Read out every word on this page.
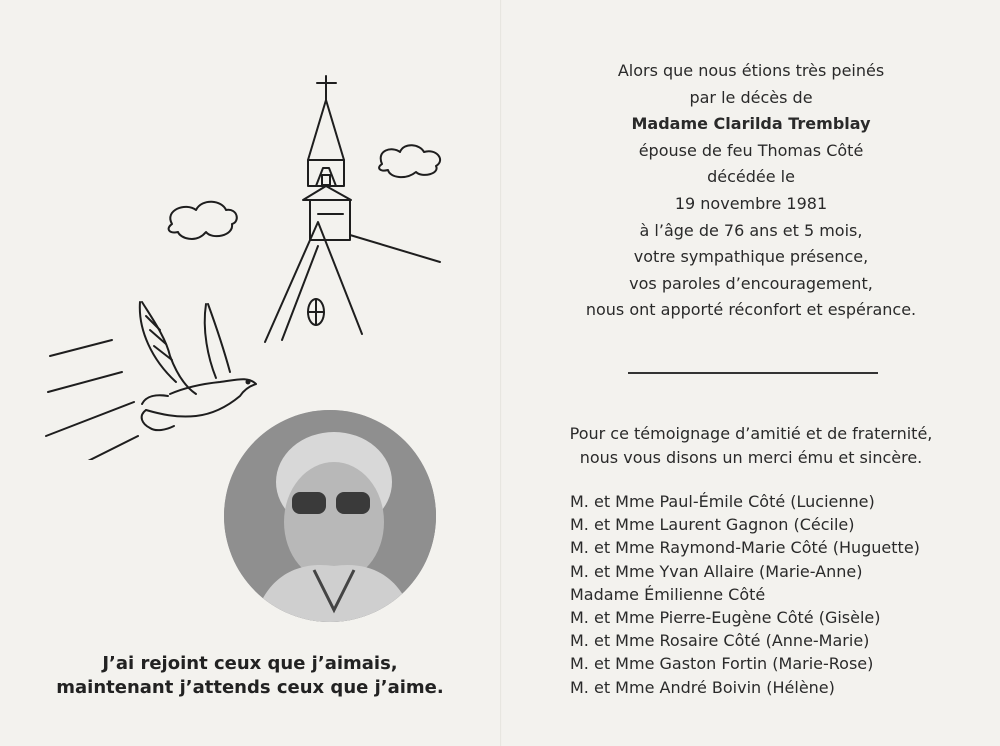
J’ai rejoint ceux que j’aimais,
maintenant j’attends ceux que j’aime.
Alors que nous étions très peinés
par le décès de
Madame Clarilda Tremblay
épouse de feu Thomas Côté
décédée le
19 novembre 1981
à l’âge de 76 ans et 5 mois,
votre sympathique présence,
vos paroles d’encouragement,
nous ont apporté réconfort et espérance.
Pour ce témoignage d’amitié et de fraternité,
nous vous disons un merci ému et sincère.
M. et Mme Paul-Émile Côté (Lucienne)
M. et Mme Laurent Gagnon (Cécile)
M. et Mme Raymond-Marie Côté (Huguette)
M. et Mme Yvan Allaire (Marie-Anne)
Madame Émilienne Côté
M. et Mme Pierre-Eugène Côté (Gisèle)
M. et Mme Rosaire Côté (Anne-Marie)
M. et Mme Gaston Fortin (Marie-Rose)
M. et Mme André Boivin (Hélène)
